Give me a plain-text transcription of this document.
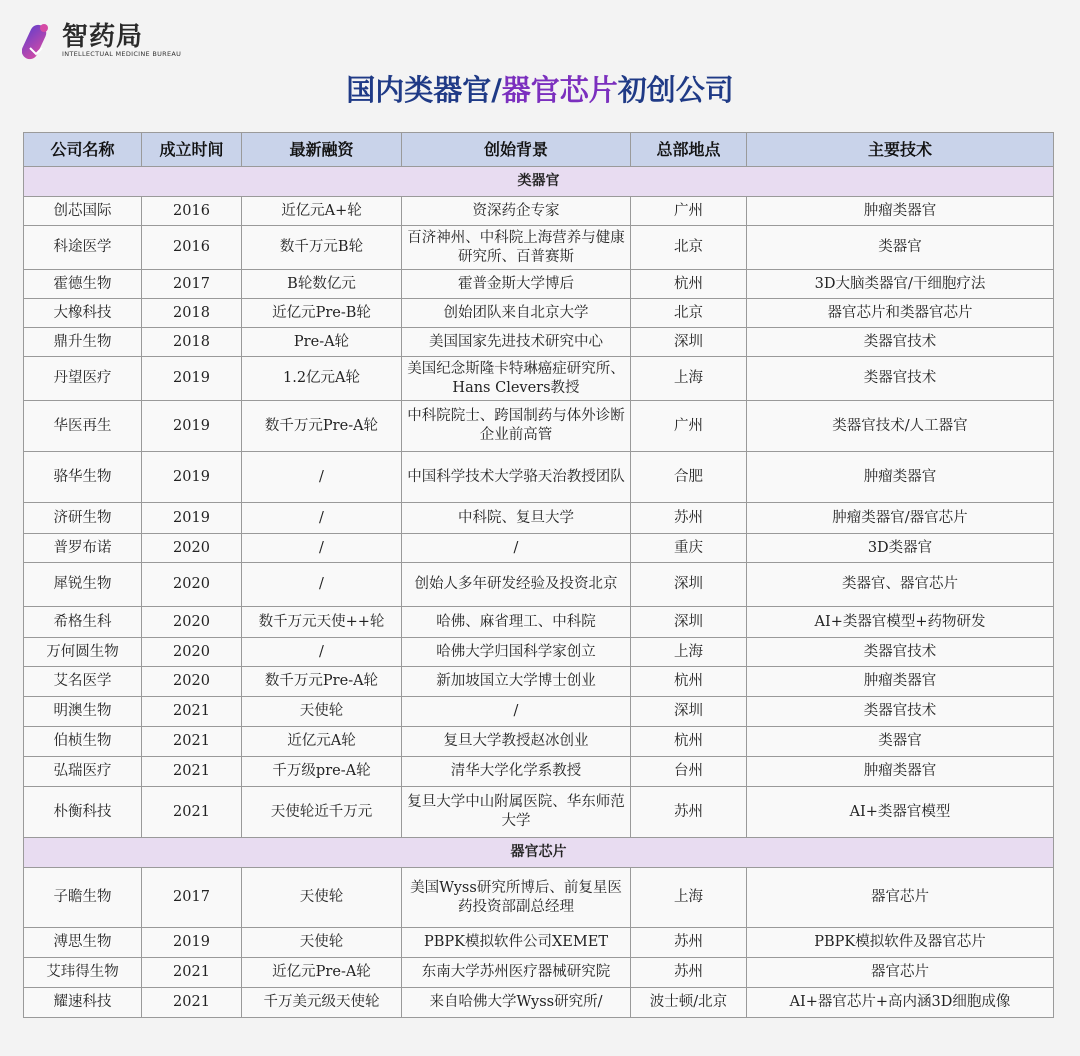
智药局
INTELLECTUAL MEDICINE BUREAU
国内类器官/器官芯片初创公司
公司名称	成立时间	最新融资	创始背景	总部地点	主要技术
类器官					
创芯国际	2016	近亿元A+轮	资深药企专家	广州	肿瘤类器官
科途医学	2016	数千万元B轮	百济神州、中科院上海营养与健康研究所、百普赛斯	北京	类器官
霍德生物	2017	B轮数亿元	霍普金斯大学博后	杭州	3D大脑类器官/干细胞疗法
大橡科技	2018	近亿元Pre-B轮	创始团队来自北京大学	北京	器官芯片和类器官芯片
鼎升生物	2018	Pre-A轮	美国国家先进技术研究中心	深圳	类器官技术
丹望医疗	2019	1.2亿元A轮	美国纪念斯隆卡特琳癌症研究所、Hans Clevers教授	上海	类器官技术
华医再生	2019	数千万元Pre-A轮	中科院院士、跨国制药与体外诊断企业前高管	广州	类器官技术/人工器官
骆华生物	2019	/	中国科学技术大学骆天治教授团队	合肥	肿瘤类器官
济研生物	2019	/	中科院、复旦大学	苏州	肿瘤类器官/器官芯片
普罗布诺	2020	/	/	重庆	3D类器官
犀锐生物	2020	/	创始人多年研发经验及投资北京	深圳	类器官、器官芯片
希格生科	2020	数千万元天使++轮	哈佛、麻省理工、中科院	深圳	AI+类器官模型+药物研发
万何圆生物	2020	/	哈佛大学归国科学家创立	上海	类器官技术
艾名医学	2020	数千万元Pre-A轮	新加坡国立大学博士创业	杭州	肿瘤类器官
明澳生物	2021	天使轮	/	深圳	类器官技术
伯桢生物	2021	近亿元A轮	复旦大学教授赵冰创业	杭州	类器官
弘瑞医疗	2021	千万级pre-A轮	清华大学化学系教授	台州	肿瘤类器官
朴衡科技	2021	天使轮近千万元	复旦大学中山附属医院、华东师范大学	苏州	AI+类器官模型
器官芯片					
子瞻生物	2017	天使轮	美国Wyss研究所博后、前复星医药投资部副总经理	上海	器官芯片
溥思生物	2019	天使轮	PBPK模拟软件公司XEMET	苏州	PBPK模拟软件及器官芯片
艾玮得生物	2021	近亿元Pre-A轮	东南大学苏州医疗器械研究院	苏州	器官芯片
耀速科技	2021	千万美元级天使轮	来自哈佛大学Wyss研究所/	波士顿/北京	AI+器官芯片+高内涵3D细胞成像
